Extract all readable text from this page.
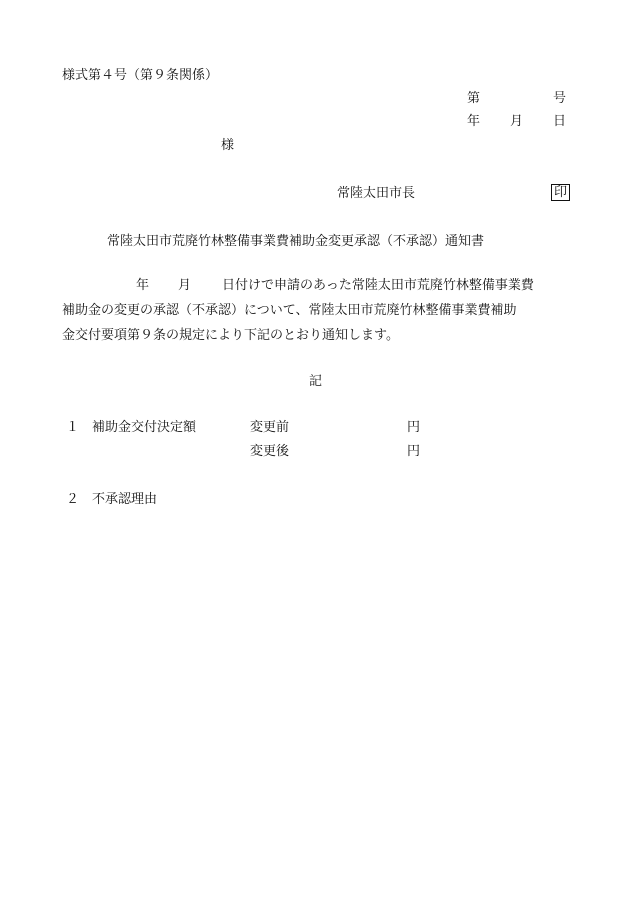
様式第４号（第９条関係）
第	号
年 月 日
様
常陸太田市長	印
常陸太田市荒廃竹林整備事業費補助金変更承認（不承認）通知書
年 月 日付けで申請のあった常陸太田市荒廃竹林整備事業費
補助金の変更の承認（不承認）について、常陸太田市荒廃竹林整備事業費補助
金交付要項第９条の規定により下記のとおり通知します。
記
１ 補助金交付決定額	変更前	円
変更後	円
２ 不承認理由
